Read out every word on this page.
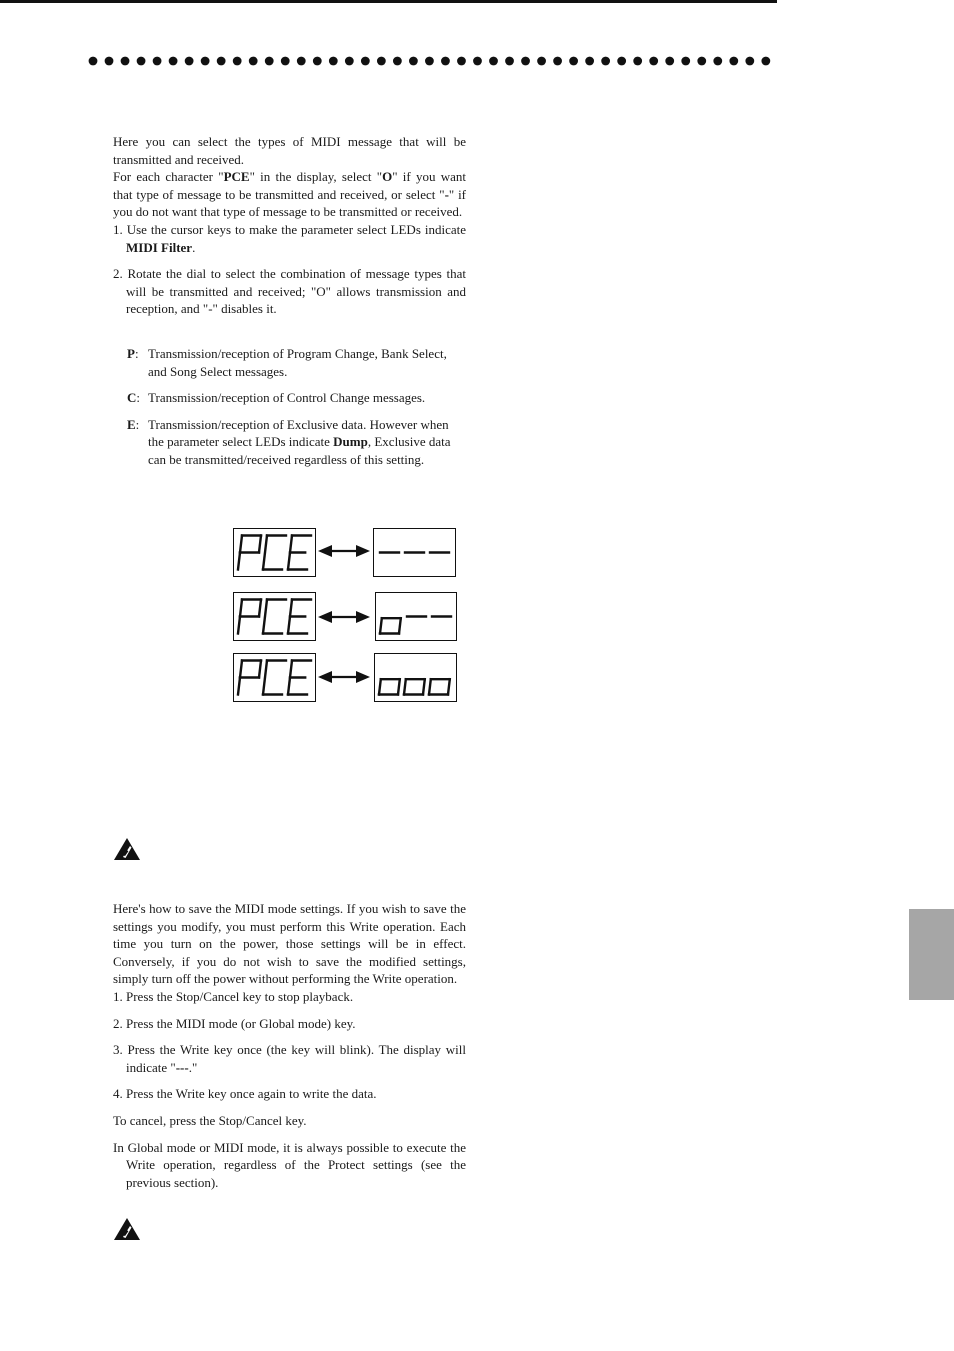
Here you can select the types of MIDI message that will be transmitted and received.

For each character "PCE" in the display, select "O" if you want that type of message to be transmitted and received, or select "-" if you do not want that type of message to be transmitted or received.

1. Use the cursor keys to make the parameter select LEDs indicate MIDI Filter.

2. Rotate the dial to select the combination of message types that will be transmitted and received; "O" allows transmission and reception, and "-" disables it.

P: Transmission/reception of Program Change, Bank Select, and Song Select messages.
C: Transmission/reception of Control Change messages.
E: Transmission/reception of Exclusive data. However when the parameter select LEDs indicate Dump, Exclusive data can be transmitted/received regardless of this setting.

Here's how to save the MIDI mode settings. If you wish to save the settings you modify, you must perform this Write operation. Each time you turn on the power, those settings will be in effect. Conversely, if you do not wish to save the modified settings, simply turn off the power without performing the Write operation.

1. Press the Stop/Cancel key to stop playback.

2. Press the MIDI mode (or Global mode) key.

3. Press the Write key once (the key will blink). The display will indicate "---."

4. Press the Write key once again to write the data.

To cancel, press the Stop/Cancel key.

In Global mode or MIDI mode, it is always possible to execute the Write operation, regardless of the Protect settings (see the previous section).
